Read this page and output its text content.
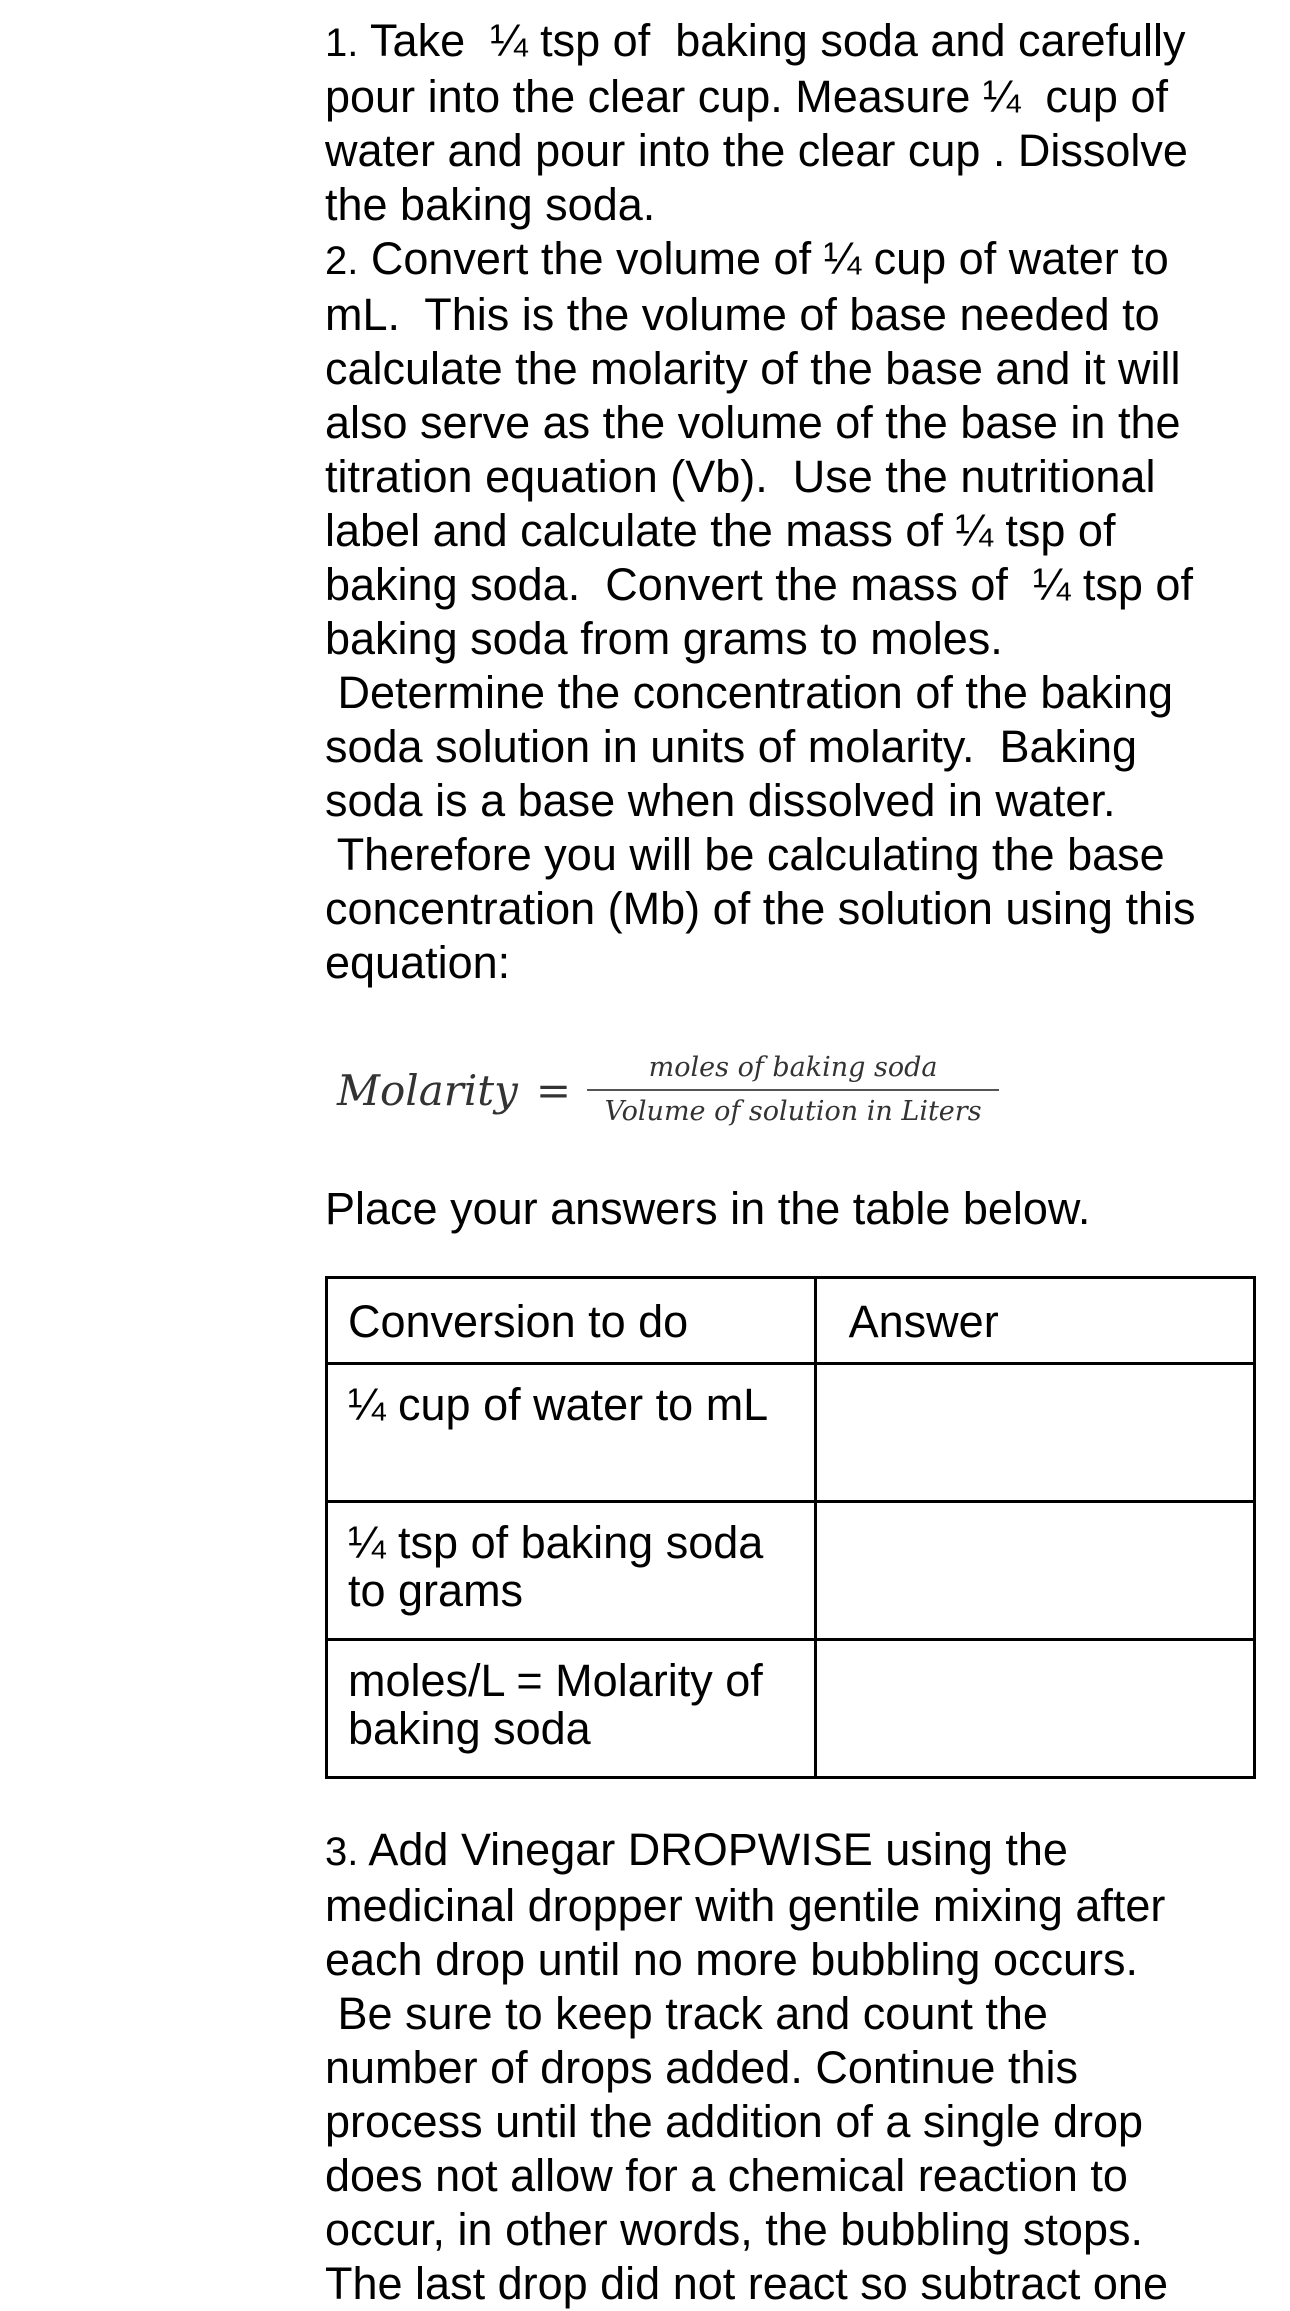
1. Take  ¼ tsp of  baking soda and carefully
pour into the clear cup. Measure ¼  cup of
water and pour into the clear cup . Dissolve
the baking soda.

2. Convert the volume of ¼ cup of water to
mL.  This is the volume of base needed to
calculate the molarity of the base and it will
also serve as the volume of the base in the
titration equation (Vb).  Use the nutritional
label and calculate the mass of ¼ tsp of
baking soda.  Convert the mass of  ¼ tsp of
baking soda from grams to moles.
Determine the concentration of the baking
soda solution in units of molarity.  Baking
soda is a base when dissolved in water.
Therefore you will be calculating the base
concentration (Mb) of the solution using this
equation:

Molarity = $\frac{\text{moles of baking soda}}{\text{Volume of solution in Liters}}$

Place your answers in the table below.

Conversion to do	Answer

¼ cup of water to mL	

¼ tsp of baking soda to grams	

moles/L = Molarity of baking soda	

3. Add Vinegar DROPWISE using the
medicinal dropper with gentile mixing after
each drop until no more bubbling occurs.
Be sure to keep track and count the
number of drops added. Continue this
process until the addition of a single drop
does not allow for a chemical reaction to
occur, in other words, the bubbling stops.
The last drop did not react so subtract one
